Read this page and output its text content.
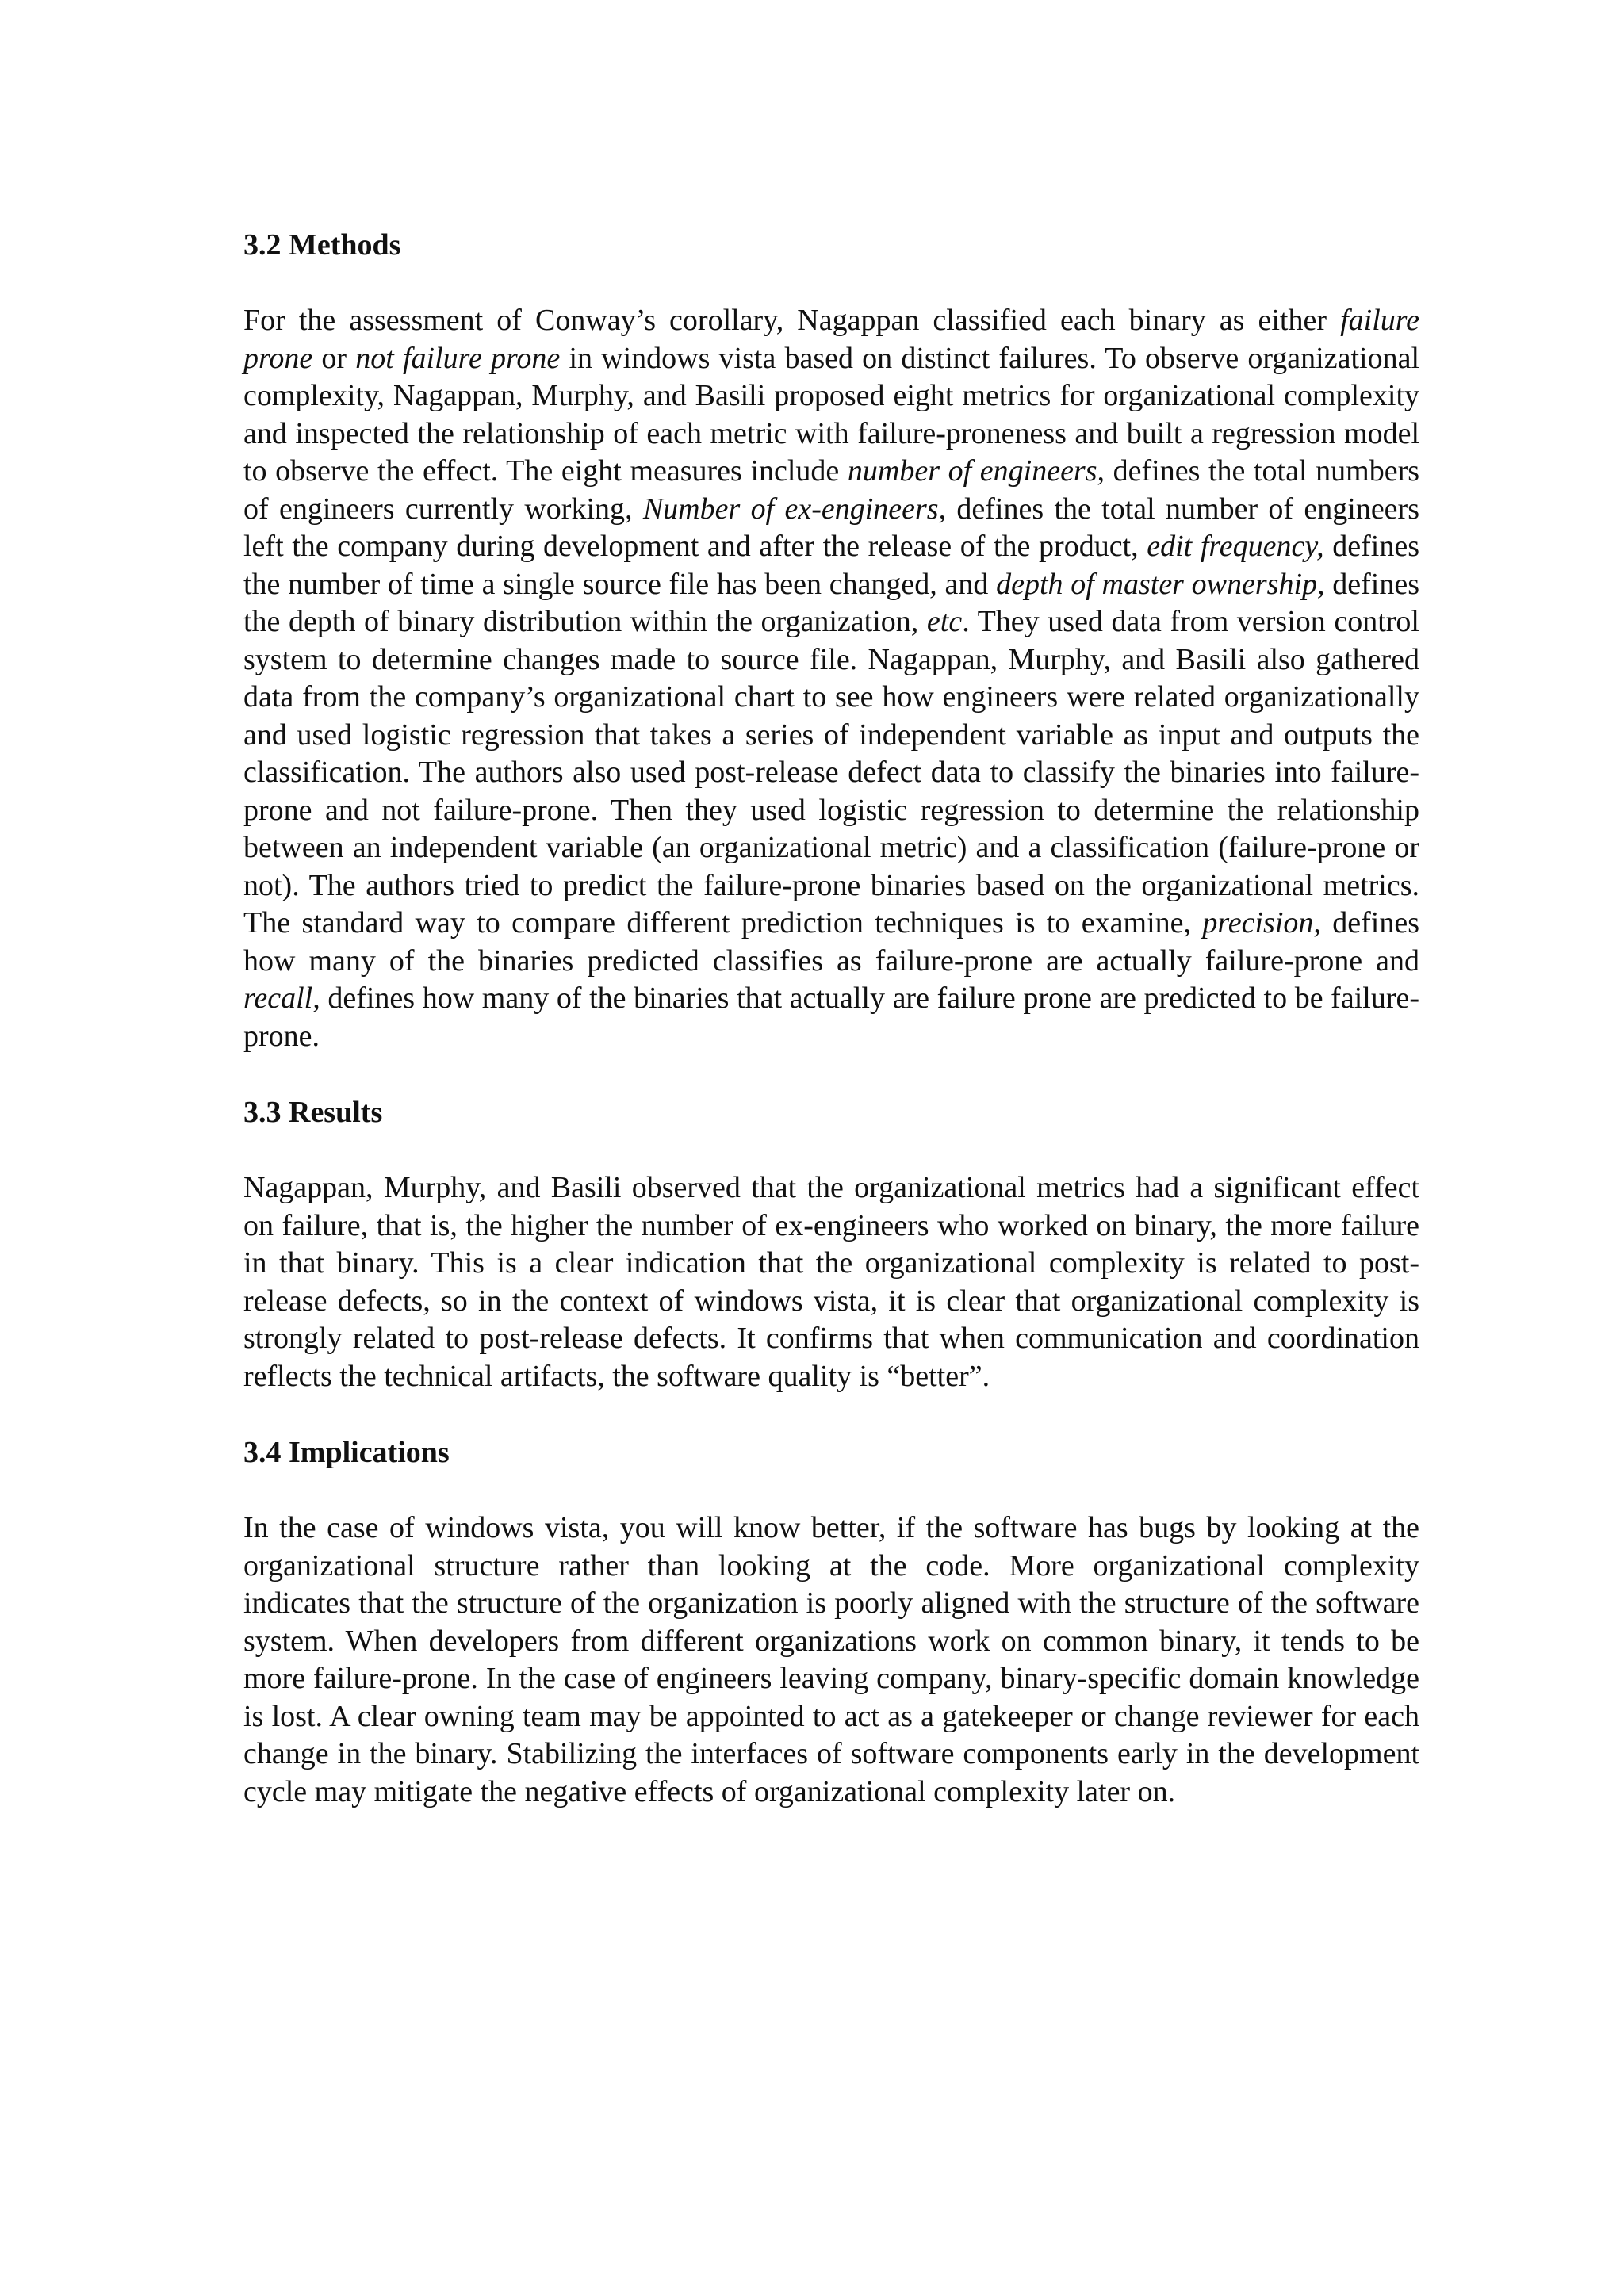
3.2 Methods

For the assessment of Conway’s corollary, Nagappan classified each binary as either failure prone or not failure prone in windows vista based on distinct failures. To observe organizational complexity, Nagappan, Murphy, and Basili proposed eight metrics for organizational complexity and inspected the relationship of each metric with failure-proneness and built a regression model to observe the effect. The eight measures include number of engineers, defines the total numbers of engineers currently working, Number of ex-engineers, defines the total number of engineers left the company during development and after the release of the product, edit frequency, defines the number of time a single source file has been changed, and depth of master ownership, defines the depth of binary distribution within the organization, etc. They used data from version control system to determine changes made to source file. Nagappan, Murphy, and Basili also gathered data from the company’s organizational chart to see how engineers were related organizationally and used logistic regression that takes a series of independent variable as input and outputs the classification. The authors also used post-release defect data to classify the binaries into failure-prone and not failure-prone. Then they used logistic regression to determine the relationship between an independent variable (an organizational metric) and a classification (failure-prone or not). The authors tried to predict the failure-prone binaries based on the organizational metrics. The standard way to compare different prediction techniques is to examine, precision, defines how many of the binaries predicted classifies as failure-prone are actually failure-prone and recall, defines how many of the binaries that actually are failure prone are predicted to be failure-prone.

3.3 Results

Nagappan, Murphy, and Basili observed that the organizational metrics had a significant effect on failure, that is, the higher the number of ex-engineers who worked on binary, the more failure in that binary. This is a clear indication that the organizational complexity is related to post-release defects, so in the context of windows vista, it is clear that organizational complexity is strongly related to post-release defects. It confirms that when communication and coordination reflects the technical artifacts, the software quality is “better”.

3.4 Implications

In the case of windows vista, you will know better, if the software has bugs by looking at the organizational structure rather than looking at the code. More organizational complexity indicates that the structure of the organization is poorly aligned with the structure of the software system. When developers from different organizations work on common binary, it tends to be more failure-prone. In the case of engineers leaving company, binary-specific domain knowledge is lost. A clear owning team may be appointed to act as a gatekeeper or change reviewer for each change in the binary. Stabilizing the interfaces of software components early in the development cycle may mitigate the negative effects of organizational complexity later on.
